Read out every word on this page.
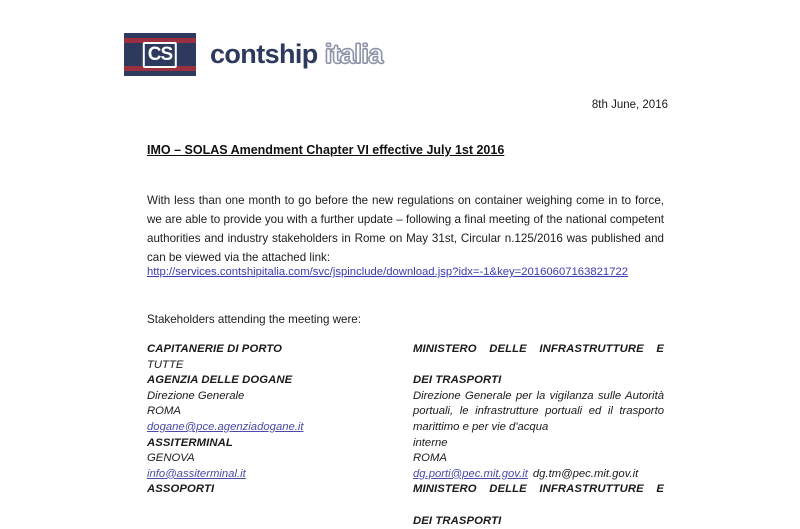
CS contship italia
8th June, 2016
IMO – SOLAS Amendment Chapter VI effective July 1st 2016
With less than one month to go before the new regulations on container weighing come in to force, we are able to provide you with a further update – following a final meeting of the national competent authorities and industry stakeholders in Rome on May 31st, Circular n.125/2016 was published and can be viewed via the attached link:
http://services.contshipitalia.com/svc/jspinclude/download.jsp?idx=-1&key=20160607163821722
Stakeholders attending the meeting were:
CAPITANERIE DI PORTO
TUTTE
AGENZIA DELLE DOGANE
Direzione Generale
ROMA
dogane@pce.agenziadogane.it
ASSITERMINAL
GENOVA
info@assiterminal.it
ASSOPORTI
MINISTERO DELLE INFRASTRUTTURE E
DEI TRASPORTI
Direzione Generale per la vigilanza sulle Autorità portuali, le infrastrutture portuali ed il trasporto marittimo e per vie d'acqua
interne
ROMA
dg.porti@pec.mit.gov.it dg.tm@pec.mit.gov.it
MINISTERO DELLE INFRASTRUTTURE E
DEI TRASPORTI
